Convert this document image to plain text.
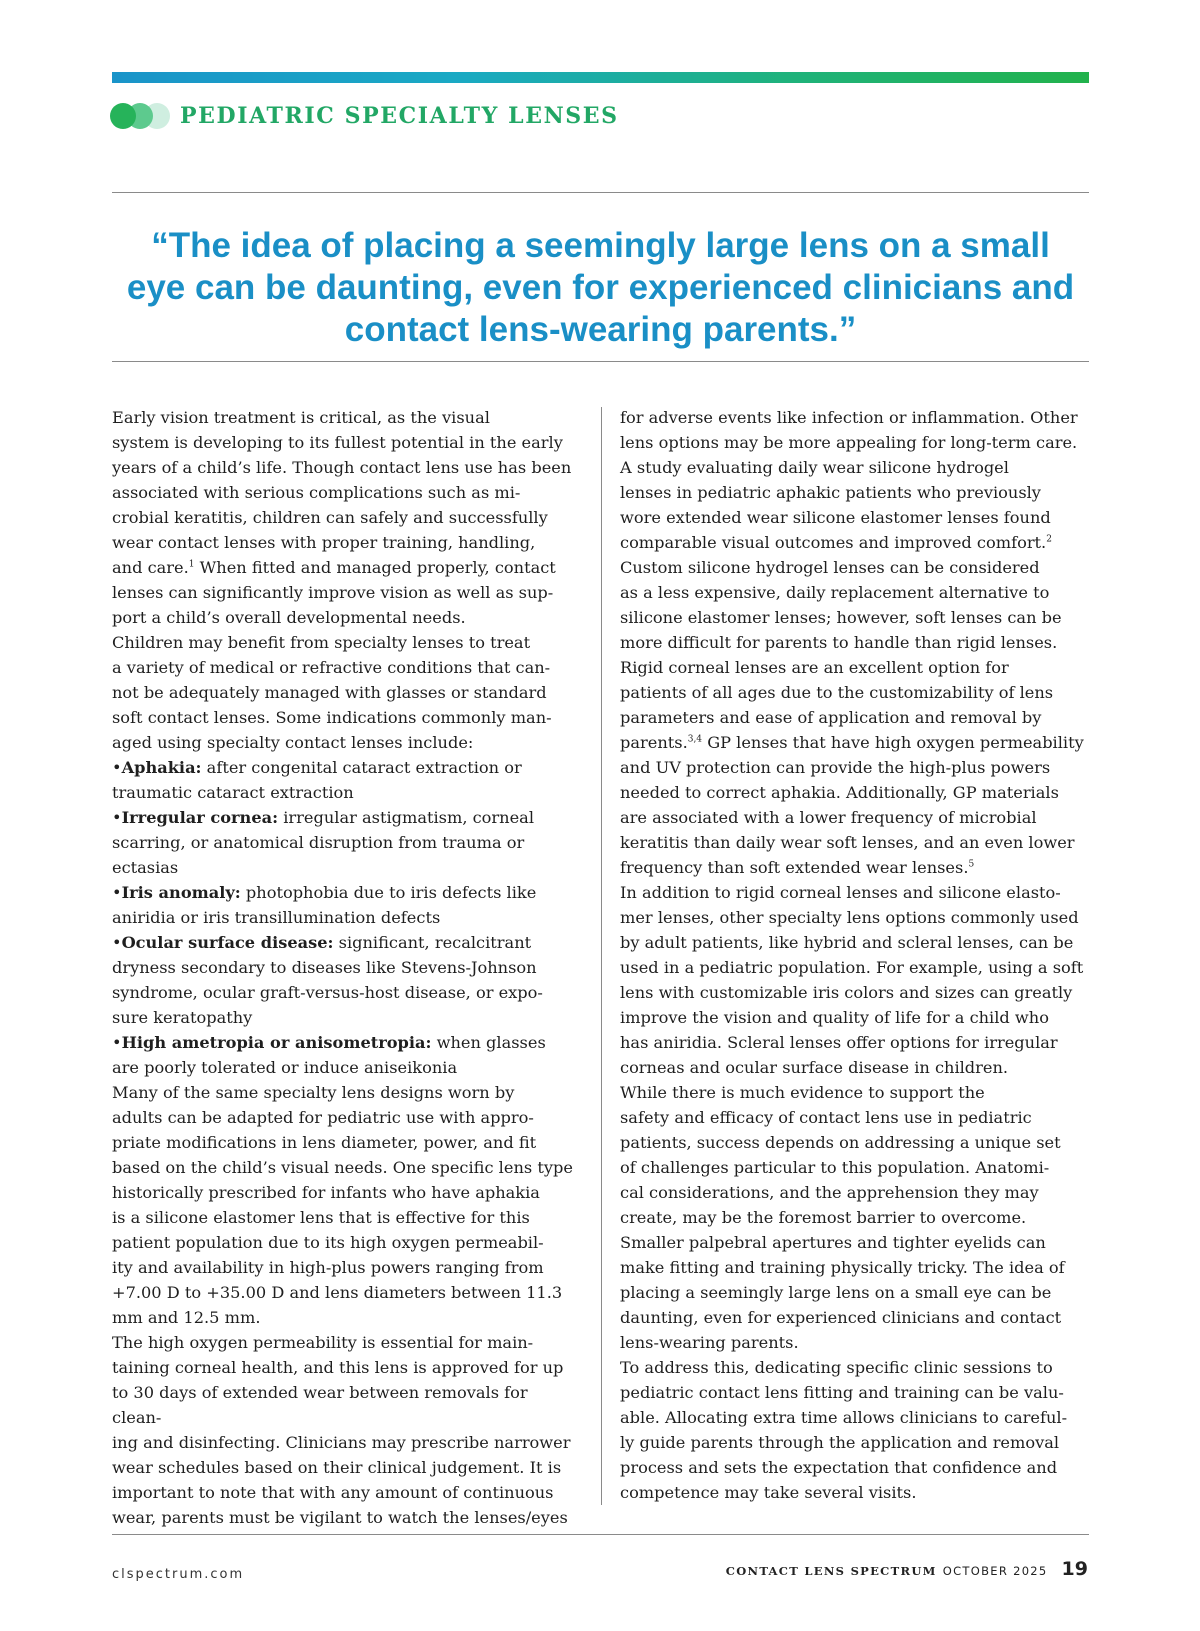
PEDIATRIC SPECIALTY LENSES
“The idea of placing a seemingly large lens on a small
eye can be daunting, even for experienced clinicians and
contact lens-wearing parents.”

Early vision treatment is critical, as the visual
system is developing to its fullest potential in the early
years of a child’s life. Though contact lens use has been
associated with serious complications such as mi-
crobial keratitis, children can safely and successfully
wear contact lenses with proper training, handling,
and care.$^1$ When fitted and managed properly, contact
lenses can significantly improve vision as well as sup-
port a child’s overall developmental needs.

Children may benefit from specialty lenses to treat
a variety of medical or refractive conditions that can-
not be adequately managed with glasses or standard
soft contact lenses. Some indications commonly man-
aged using specialty contact lenses include:

•Aphakia: after congenital cataract extraction or
traumatic cataract extraction

•Irregular cornea: irregular astigmatism, corneal
scarring, or anatomical disruption from trauma or
ectasias

•Iris anomaly: photophobia due to iris defects like
aniridia or iris transillumination defects

•Ocular surface disease: significant, recalcitrant
dryness secondary to diseases like Stevens-Johnson
syndrome, ocular graft-versus-host disease, or expo-
sure keratopathy

•High ametropia or anisometropia: when glasses
are poorly tolerated or induce aniseikonia

Many of the same specialty lens designs worn by
adults can be adapted for pediatric use with appro-
priate modifications in lens diameter, power, and fit
based on the child’s visual needs. One specific lens type
historically prescribed for infants who have aphakia
is a silicone elastomer lens that is effective for this
patient population due to its high oxygen permeabil-
ity and availability in high-plus powers ranging from
+7.00 D to +35.00 D and lens diameters between 11.3
mm and 12.5 mm.

The high oxygen permeability is essential for main-
taining corneal health, and this lens is approved for up
to 30 days of extended wear between removals for clean-
ing and disinfecting. Clinicians may prescribe narrower
wear schedules based on their clinical judgement. It is
important to note that with any amount of continuous
wear, parents must be vigilant to watch the lenses/eyes

for adverse events like infection or inflammation. Other
lens options may be more appealing for long-term care.

A study evaluating daily wear silicone hydrogel
lenses in pediatric aphakic patients who previously
wore extended wear silicone elastomer lenses found
comparable visual outcomes and improved comfort.$^2$
Custom silicone hydrogel lenses can be considered
as a less expensive, daily replacement alternative to
silicone elastomer lenses; however, soft lenses can be
more difficult for parents to handle than rigid lenses.

Rigid corneal lenses are an excellent option for
patients of all ages due to the customizability of lens
parameters and ease of application and removal by
parents.$^{3,4}$ GP lenses that have high oxygen permeability
and UV protection can provide the high-plus powers
needed to correct aphakia. Additionally, GP materials
are associated with a lower frequency of microbial
keratitis than daily wear soft lenses, and an even lower
frequency than soft extended wear lenses.$^5$

In addition to rigid corneal lenses and silicone elasto-
mer lenses, other specialty lens options commonly used
by adult patients, like hybrid and scleral lenses, can be
used in a pediatric population. For example, using a soft
lens with customizable iris colors and sizes can greatly
improve the vision and quality of life for a child who
has aniridia. Scleral lenses offer options for irregular
corneas and ocular surface disease in children.

While there is much evidence to support the
safety and efficacy of contact lens use in pediatric
patients, success depends on addressing a unique set
of challenges particular to this population. Anatomi-
cal considerations, and the apprehension they may
create, may be the foremost barrier to overcome.
Smaller palpebral apertures and tighter eyelids can
make fitting and training physically tricky. The idea of
placing a seemingly large lens on a small eye can be
daunting, even for experienced clinicians and contact
lens-wearing parents.

To address this, dedicating specific clinic sessions to
pediatric contact lens fitting and training can be valu-
able. Allocating extra time allows clinicians to careful-
ly guide parents through the application and removal
process and sets the expectation that confidence and
competence may take several visits.

clspectrum.com	CONTACT LENS SPECTRUM OCTOBER 2025 19
